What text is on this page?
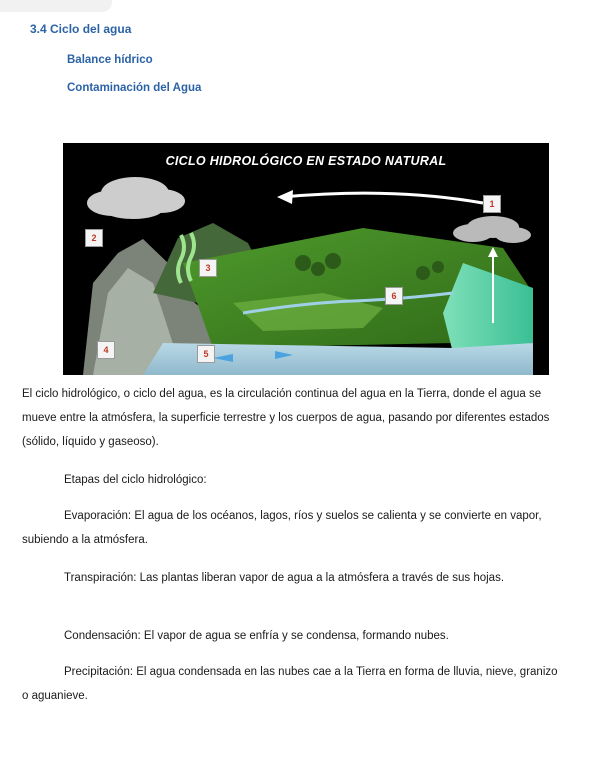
3.4 Ciclo del agua
Balance hídrico
Contaminación del Agua
CICLO HIDROLÓGICO EN ESTADO NATURAL
1
2
3
4	5
6
El ciclo hidrológico, o ciclo del agua, es la circulación continua del agua en la Tierra, donde el agua se mueve entre la atmósfera, la superficie terrestre y los cuerpos de agua, pasando por diferentes estados (sólido, líquido y gaseoso).
Etapas del ciclo hidrológico:
Evaporación: El agua de los océanos, lagos, ríos y suelos se calienta y se convierte en vapor, subiendo a la atmósfera.
Transpiración: Las plantas liberan vapor de agua a la atmósfera a través de sus hojas.
Condensación: El vapor de agua se enfría y se condensa, formando nubes.
Precipitación: El agua condensada en las nubes cae a la Tierra en forma de lluvia, nieve, granizo o aguanieve.
